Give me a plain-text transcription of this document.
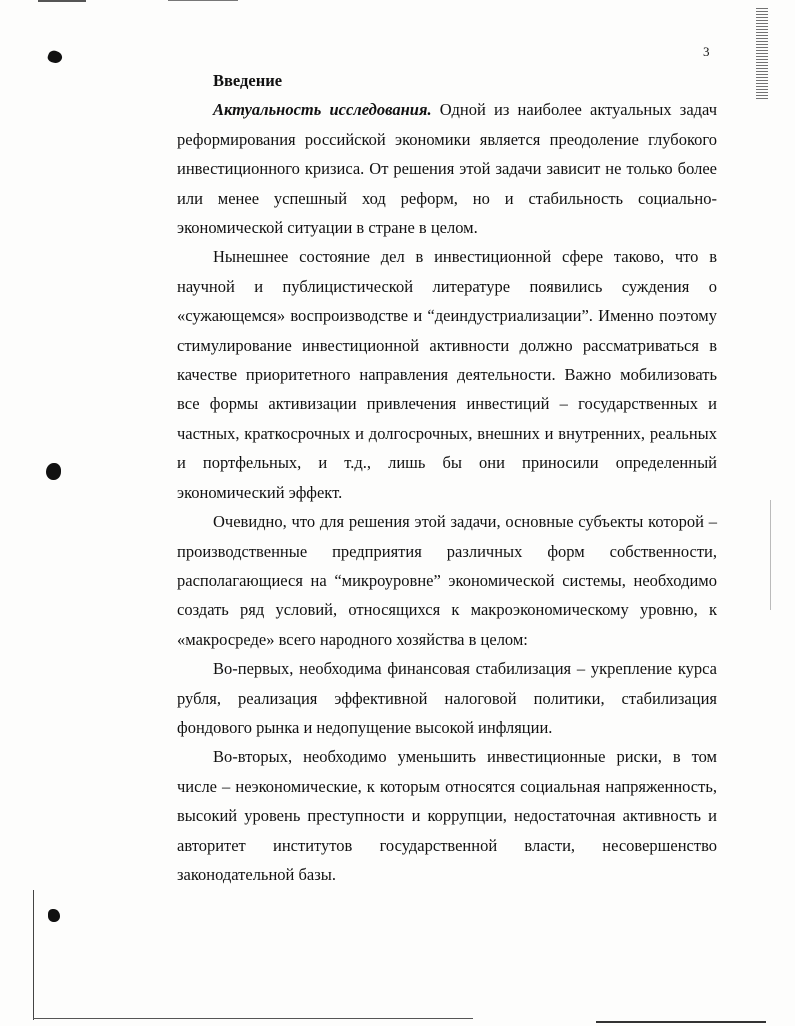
3

Введение

Актуальность исследования. Одной из наиболее актуальных задач реформирования российской экономики является преодоление глубокого инвестиционного кризиса. От решения этой задачи зависит не только более или менее успешный ход реформ, но и стабильность социально-экономической ситуации в стране в целом.

Нынешнее состояние дел в инвестиционной сфере таково, что в научной и публицистической литературе появились суждения о «сужающемся» воспроизводстве и “деиндустриализации”. Именно поэтому стимулирование инвестиционной активности должно рассматриваться в качестве приоритетного направления деятельности. Важно мобилизовать все формы активизации привлечения инвестиций – государственных и частных, краткосрочных и долгосрочных, внешних и внутренних, реальных и портфельных, и т.д., лишь бы они приносили определенный экономический эффект.

Очевидно, что для решения этой задачи, основные субъекты которой – производственные предприятия различных форм собственности, располагающиеся на “микроуровне” экономической системы, необходимо создать ряд условий, относящихся к макроэкономическому уровню, к «макросреде» всего народного хозяйства в целом:

Во-первых, необходима финансовая стабилизация – укрепление курса рубля, реализация эффективной налоговой политики, стабилизация фондового рынка и недопущение высокой инфляции.

Во-вторых, необходимо уменьшить инвестиционные риски, в том числе – неэкономические, к которым относятся социальная напряженность, высокий уровень преступности и коррупции, недостаточная активность и авторитет институтов государственной власти, несовершенство законодательной базы.
